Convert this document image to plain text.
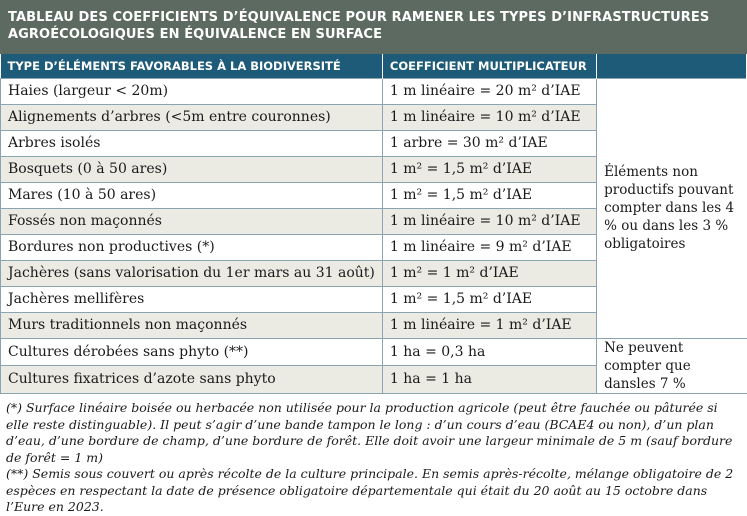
TABLEAU DES COEFFICIENTS D’ÉQUIVALENCE POUR RAMENER LES TYPES D’INFRASTRUCTURES
AGROÉCOLOGIQUES EN ÉQUIVALENCE EN SURFACE
TYPE D’ÉLÉMENTS FAVORABLES À LA BIODIVERSITÉ	COEFFICIENT MULTIPLICATEUR	
Haies (largeur < 20m)	1 m linéaire = 20 m² d’IAE	Éléments non productifs pouvant compter dans les 4 % ou dans les 3 % obligatoires
Alignements d’arbres (<5m entre couronnes)	1 m linéaire = 10 m² d’IAE	
Arbres isolés	1 arbre = 30 m² d’IAE	
Bosquets (0 à 50 ares)	1 m² = 1,5 m² d’IAE	
Mares (10 à 50 ares)	1 m² = 1,5 m² d’IAE	
Fossés non maçonnés	1 m linéaire = 10 m² d’IAE	
Bordures non productives (*)	1 m linéaire = 9 m² d’IAE	
Jachères (sans valorisation du 1er mars au 31 août)	1 m² = 1 m² d’IAE	
Jachères mellifères	1 m² = 1,5 m² d’IAE	
Murs traditionnels non maçonnés	1 m linéaire = 1 m² d’IAE	
Cultures dérobées sans phyto (**)	1 ha = 0,3 ha	Ne peuvent compter que dansles 7 %
Cultures fixatrices d’azote sans phyto	1 ha = 1 ha	

(*) Surface linéaire boisée ou herbacée non utilisée pour la production agricole (peut être fauchée ou pâturée si elle reste distinguable). Il peut s’agir d’une bande tampon le long : d’un cours d’eau (BCAE4 ou non), d’un plan d’eau, d’une bordure de champ, d’une bordure de forêt. Elle doit avoir une largeur minimale de 5 m (sauf bordure de forêt = 1 m)

(**) Semis sous couvert ou après récolte de la culture principale. En semis après-récolte, mélange obligatoire de 2 espèces en respectant la date de présence obligatoire départementale qui était du 20 août au 15 octobre dans l’Eure en 2023.
